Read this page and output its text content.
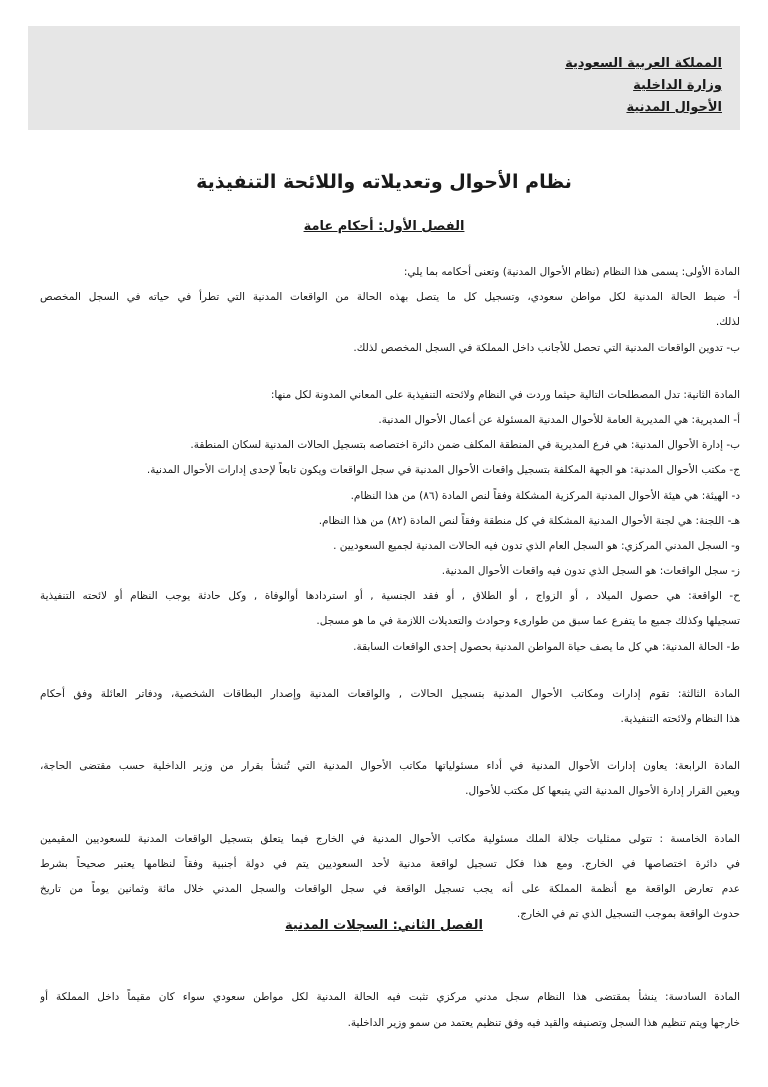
المملكة العربية السعودية
وزارة الداخلية
الأحوال المدنية
نظام الأحوال وتعديلاته واللائحة التنفيذية
الفصل الأول: أحكام عامة
المادة الأولى: يسمى هذا النظام (نظام الأحوال المدنية) وتعنى أحكامه بما يلي:
أ- ضبط الحالة المدنية لكل مواطن سعودي، وتسجيل كل ما يتصل بهذه الحالة من الواقعات المدنية التي تطرأ في حياته في السجل المخصص
لذلك.
ب- تدوين الواقعات المدنية التي تحصل للأجانب داخل المملكة في السجل المخصص لذلك.
المادة الثانية: تدل المصطلحات التالية حيثما وردت في النظام ولائحته التنفيذية على المعاني المدونة لكل منها:
أ- المديرية: هي المديرية العامة للأحوال المدنية المسئولة عن أعمال الأحوال المدنية.
ب- إدارة الأحوال المدنية: هي فرع المديرية في المنطقة المكلف ضمن دائرة اختصاصه بتسجيل الحالات المدنية لسكان المنطقة.
ج- مكتب الأحوال المدنية: هو الجهة المكلفة بتسجيل واقعات الأحوال المدنية في سجل الواقعات ويكون تابعاً لإحدى إدارات الأحوال المدنية.
د- الهيئة: هي هيئة الأحوال المدنية المركزية المشكلة وفقاً لنص المادة (٨٦) من هذا النظام.
هـ- اللجنة: هي لجنة الأحوال المدنية المشكلة في كل منطقة وفقاً لنص المادة (٨٢) من هذا النظام.
و- السجل المدني المركزي: هو السجل العام الذي تدون فيه الحالات المدنية لجميع السعوديين .
ز- سجل الواقعات: هو السجل الذي تدون فيه واقعات الأحوال المدنية.
ح- الواقعة: هي حصول الميلاد , أو الزواج , أو الطلاق , أو فقد الجنسية , أو استردادها أوالوفاة , وكل حادثة يوجب النظام أو لائحته التنفيذية
تسجيلها وكذلك جميع ما يتفرع عما سبق من طوارىء وحوادث والتعديلات اللازمة في ما هو مسجل.
ط- الحالة المدنية: هي كل ما يصف حياة المواطن المدنية بحصول إحدى الواقعات السابقة.
المادة الثالثة: تقوم إدارات ومكاتب الأحوال المدنية بتسجيل الحالات , والواقعات المدنية وإصدار البطاقات الشخصية، ودفاتر العائلة وفق أحكام
هذا النظام ولائحته التنفيذية.
المادة الرابعة: يعاون إدارات الأحوال المدنية في أداء مسئولياتها مكاتب الأحوال المدنية التي تُنشأ بقرار من وزير الداخلية حسب مقتضى الحاجة،
ويعين القرار إدارة الأحوال المدنية التي يتبعها كل مكتب للأحوال.
المادة الخامسة : تتولى ممثليات جلالة الملك مسئولية مكاتب الأحوال المدنية في الخارج فيما يتعلق بتسجيل الواقعات المدنية للسعوديين المقيمين
في دائرة اختصاصها في الخارج. ومع هذا فكل تسجيل لواقعة مدنية لأحد السعوديين يتم في دولة أجنبية وفقاً لنظامها يعتبر صحيحاً بشرط
عدم تعارض الواقعة مع أنظمة المملكة على أنه يجب تسجيل الواقعة في سجل الواقعات والسجل المدني خلال مائة وثمانين يوماً من تاريخ
حدوث الواقعة بموجب التسجيل الذي تم في الخارج.
المادة السادسة: ينشأ بمقتضى هذا النظام سجل مدني مركزي تثبت فيه الحالة المدنية لكل مواطن سعودي سواء كان مقيماً داخل المملكة أو
خارجها ويتم تنظيم هذا السجل وتصنيفه والقيد فيه وفق تنظيم يعتمد من سمو وزير الداخلية.
الفصل الثاني: السجلات المدنية
